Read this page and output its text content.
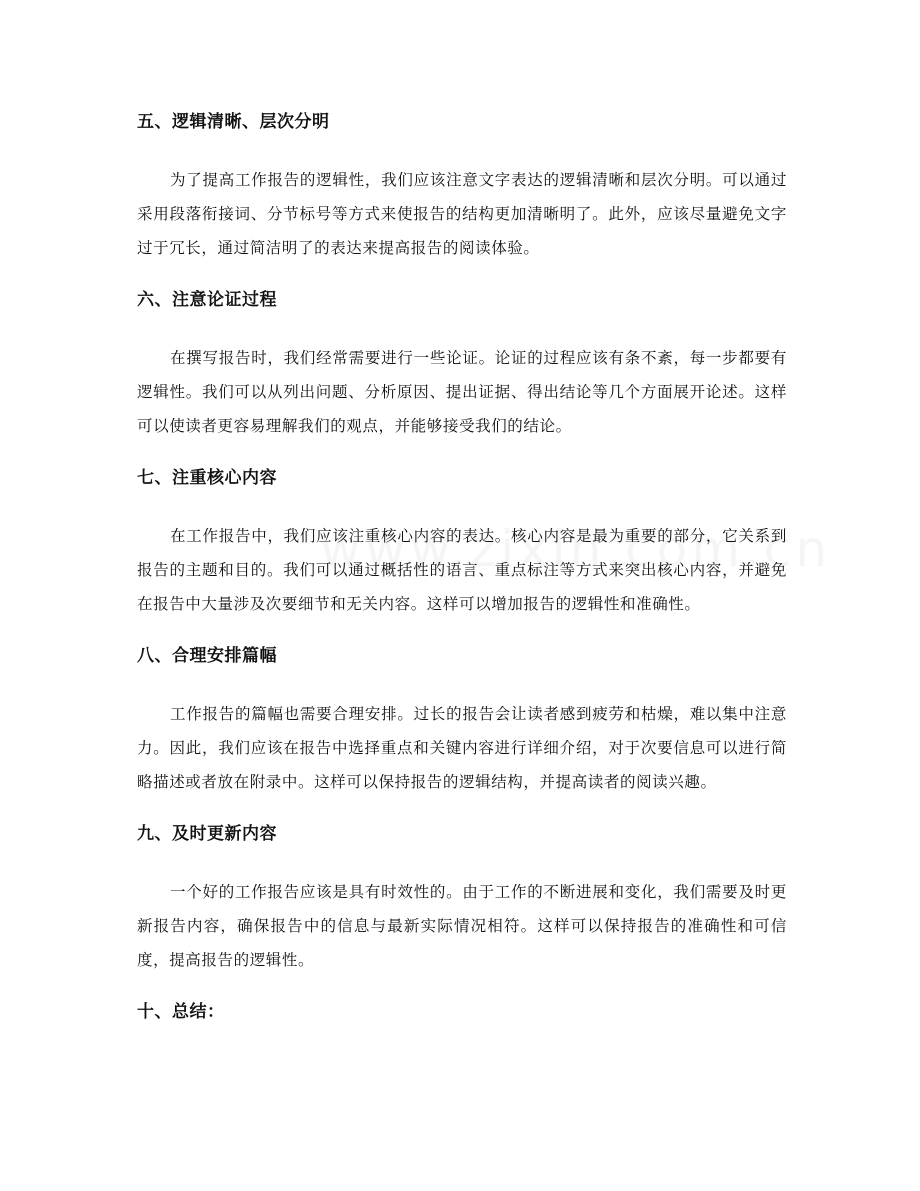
五、逻辑清晰、层次分明

为了提高工作报告的逻辑性，我们应该注意文字表达的逻辑清晰和层次分明。可以通过采用段落衔接词、分节标号等方式来使报告的结构更加清晰明了。此外，应该尽量避免文字过于冗长，通过简洁明了的表达来提高报告的阅读体验。

六、注意论证过程

在撰写报告时，我们经常需要进行一些论证。论证的过程应该有条不紊，每一步都要有逻辑性。我们可以从列出问题、分析原因、提出证据、得出结论等几个方面展开论述。这样可以使读者更容易理解我们的观点，并能够接受我们的结论。

七、注重核心内容

在工作报告中，我们应该注重核心内容的表达。核心内容是最为重要的部分，它关系到报告的主题和目的。我们可以通过概括性的语言、重点标注等方式来突出核心内容，并避免在报告中大量涉及次要细节和无关内容。这样可以增加报告的逻辑性和准确性。

八、合理安排篇幅

工作报告的篇幅也需要合理安排。过长的报告会让读者感到疲劳和枯燥，难以集中注意力。因此，我们应该在报告中选择重点和关键内容进行详细介绍，对于次要信息可以进行简略描述或者放在附录中。这样可以保持报告的逻辑结构，并提高读者的阅读兴趣。

九、及时更新内容

一个好的工作报告应该是具有时效性的。由于工作的不断进展和变化，我们需要及时更新报告内容，确保报告中的信息与最新实际情况相符。这样可以保持报告的准确性和可信度，提高报告的逻辑性。

十、总结：
